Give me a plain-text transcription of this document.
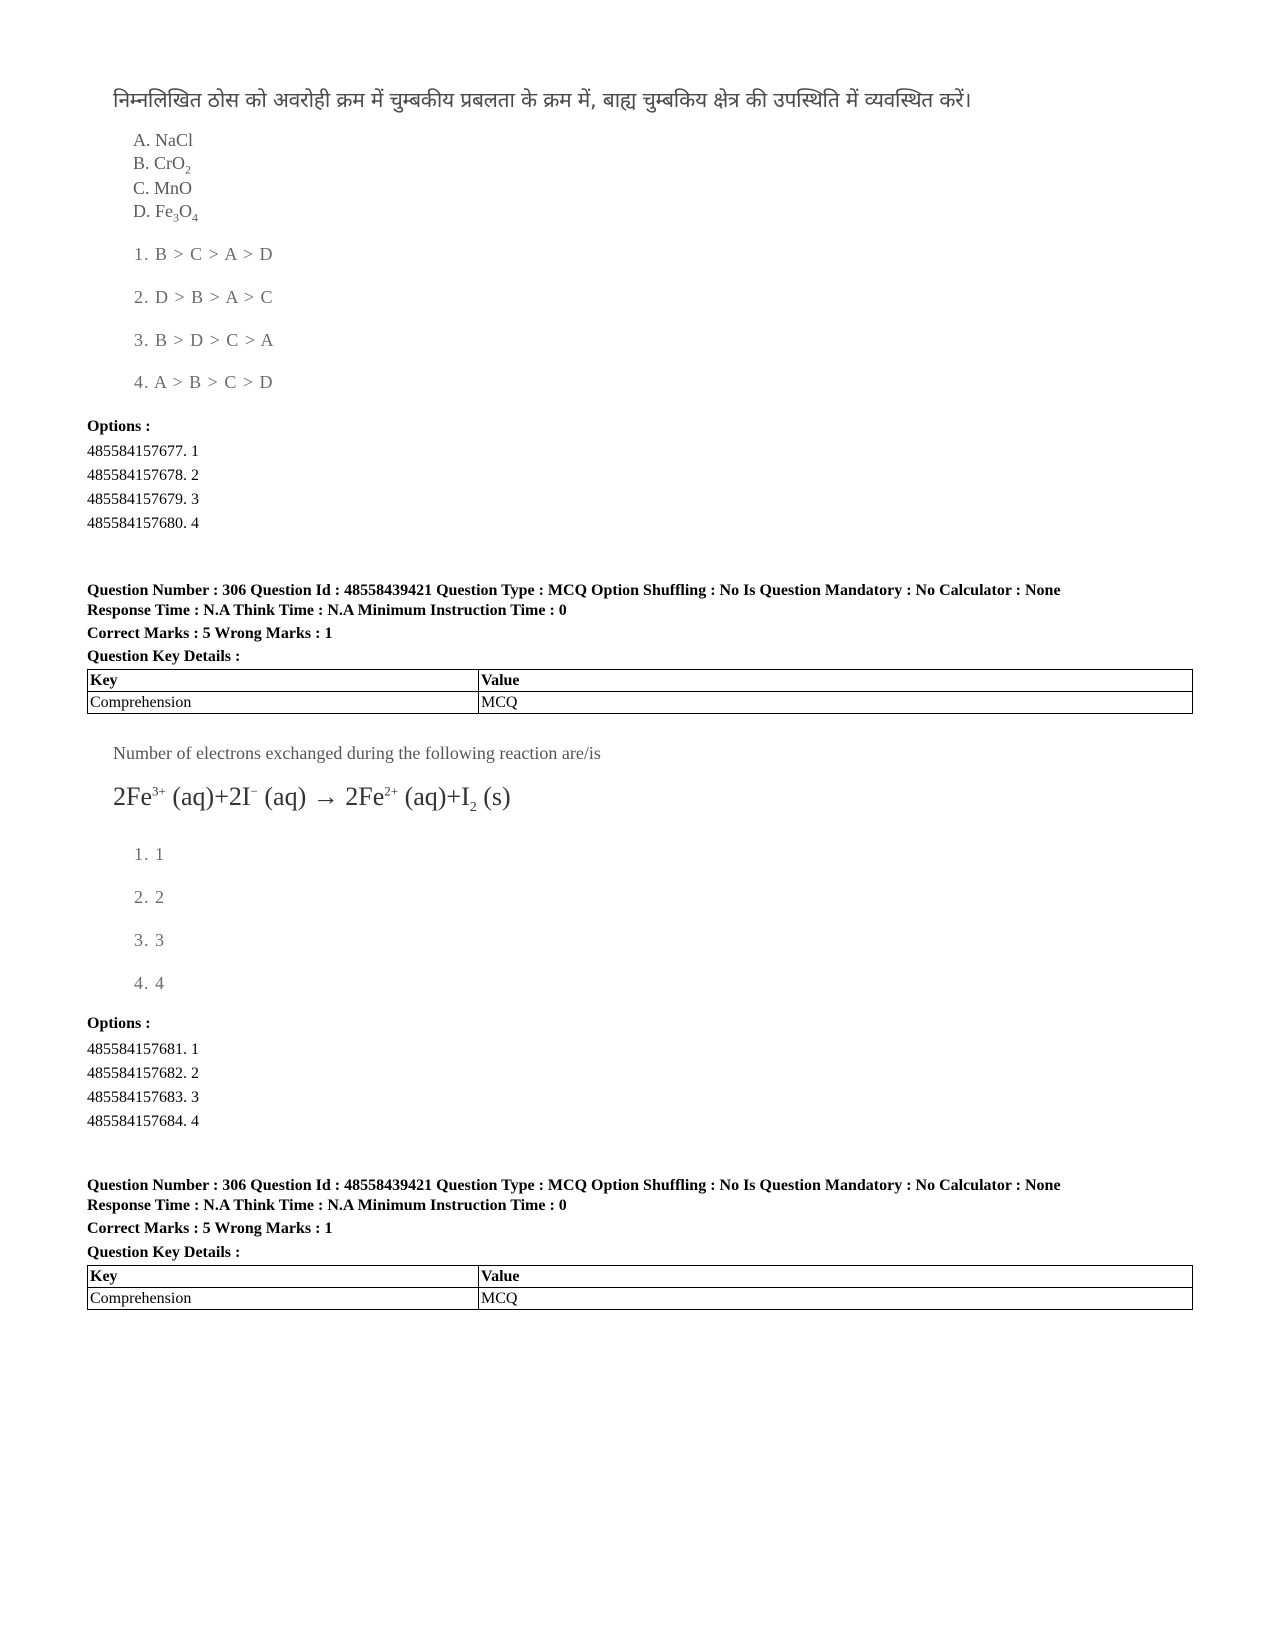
निम्नलिखित ठोस को अवरोही क्रम में चुम्बकीय प्रबलता के क्रम में, बाह्य चुम्बकिय क्षेत्र की उपस्थिति में व्यवस्थित करें।
A. NaCl
B. CrO$_2$
C. MnO
D. $Fe_3O_4$
1. B > C > A > D
2. D > B > A > C
3. B > D > C > A
4. A > B > C > D
Options :
485584157677. 1
485584157678. 2
485584157679. 3
485584157680. 4
Question Number : 306 Question Id : 48558439421 Question Type : MCQ Option Shuffling : No Is Question Mandatory : No Calculator : None
Response Time : N.A Think Time : N.A Minimum Instruction Time : 0
Correct Marks : 5 Wrong Marks : 1
Question Key Details :
Key	Value
Comprehension	MCQ
Number of electrons exchanged during the following reaction are/is
$2Fe^{3+}$ (aq)+2I− $(aq) \to 2Fe^{2+}$ $(aq)+I_2$ (s)
1. 1
2. 2
3. 3
4. 4
Options :
485584157681. 1
485584157682. 2
485584157683. 3
485584157684. 4
Question Number : 306 Question Id : 48558439421 Question Type : MCQ Option Shuffling : No Is Question Mandatory : No Calculator : None
Response Time : N.A Think Time : N.A Minimum Instruction Time : 0
Correct Marks : 5 Wrong Marks : 1
Question Key Details :
Key	Value
Comprehension	MCQ
